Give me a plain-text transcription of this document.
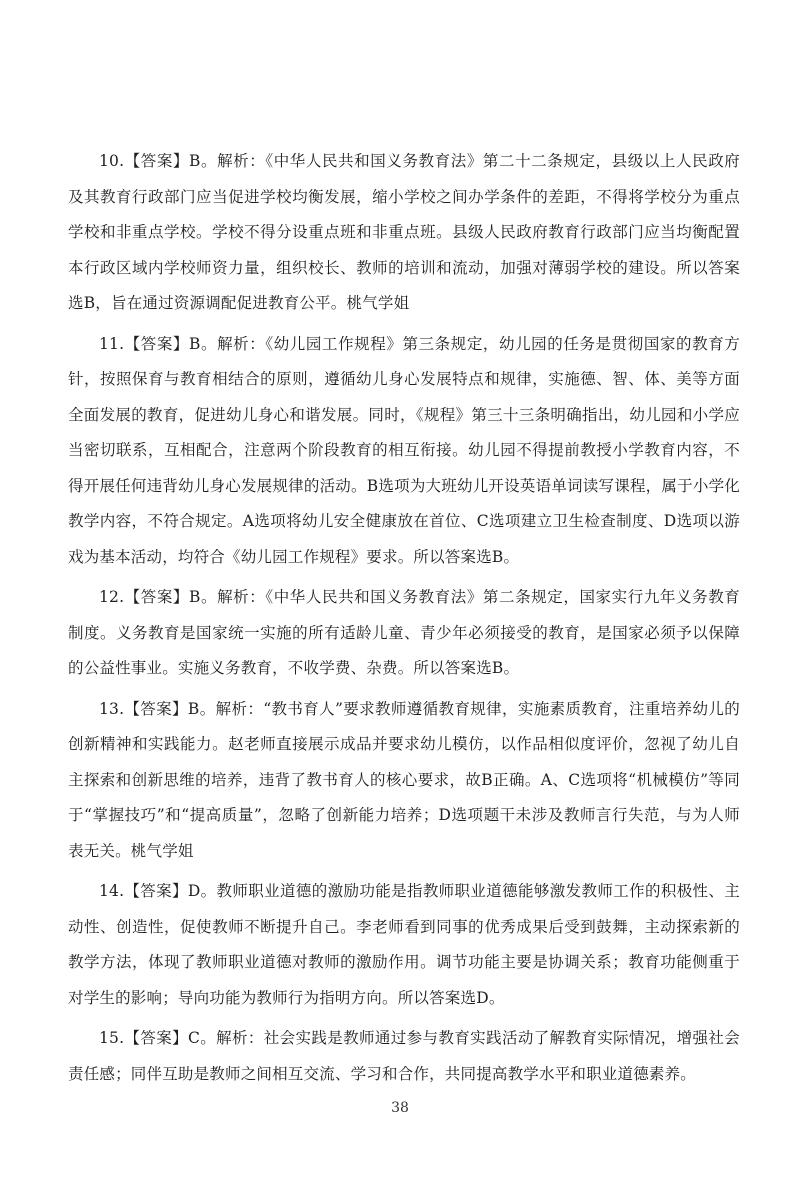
10.【答案】B。解析：《中华人民共和国义务教育法》第二十二条规定，县级以上人民政府及其教育行政部门应当促进学校均衡发展，缩小学校之间办学条件的差距，不得将学校分为重点学校和非重点学校。学校不得分设重点班和非重点班。县级人民政府教育行政部门应当均衡配置本行政区域内学校师资力量，组织校长、教师的培训和流动，加强对薄弱学校的建设。所以答案选B，旨在通过资源调配促进教育公平。桃气学姐

11.【答案】B。解析：《幼儿园工作规程》第三条规定，幼儿园的任务是贯彻国家的教育方针，按照保育与教育相结合的原则，遵循幼儿身心发展特点和规律，实施德、智、体、美等方面全面发展的教育，促进幼儿身心和谐发展。同时，《规程》第三十三条明确指出，幼儿园和小学应当密切联系，互相配合，注意两个阶段教育的相互衔接。幼儿园不得提前教授小学教育内容，不得开展任何违背幼儿身心发展规律的活动。B选项为大班幼儿开设英语单词读写课程，属于小学化教学内容，不符合规定。A选项将幼儿安全健康放在首位、C选项建立卫生检查制度、D选项以游戏为基本活动，均符合《幼儿园工作规程》要求。所以答案选B。

12.【答案】B。解析：《中华人民共和国义务教育法》第二条规定，国家实行九年义务教育制度。义务教育是国家统一实施的所有适龄儿童、青少年必须接受的教育，是国家必须予以保障的公益性事业。实施义务教育，不收学费、杂费。所以答案选B。

13.【答案】B。解析：“教书育人”要求教师遵循教育规律，实施素质教育，注重培养幼儿的创新精神和实践能力。赵老师直接展示成品并要求幼儿模仿，以作品相似度评价，忽视了幼儿自主探索和创新思维的培养，违背了教书育人的核心要求，故B正确。A、C选项将“机械模仿”等同于“掌握技巧”和“提高质量”，忽略了创新能力培养；D选项题干未涉及教师言行失范，与为人师表无关。桃气学姐

14.【答案】D。教师职业道德的激励功能是指教师职业道德能够激发教师工作的积极性、主动性、创造性，促使教师不断提升自己。李老师看到同事的优秀成果后受到鼓舞，主动探索新的教学方法，体现了教师职业道德对教师的激励作用。调节功能主要是协调关系；教育功能侧重于对学生的影响；导向功能为教师行为指明方向。所以答案选D。

15.【答案】C。解析：社会实践是教师通过参与教育实践活动了解教育实际情况，增强社会责任感；同伴互助是教师之间相互交流、学习和合作，共同提高教学水平和职业道德素养。

38
